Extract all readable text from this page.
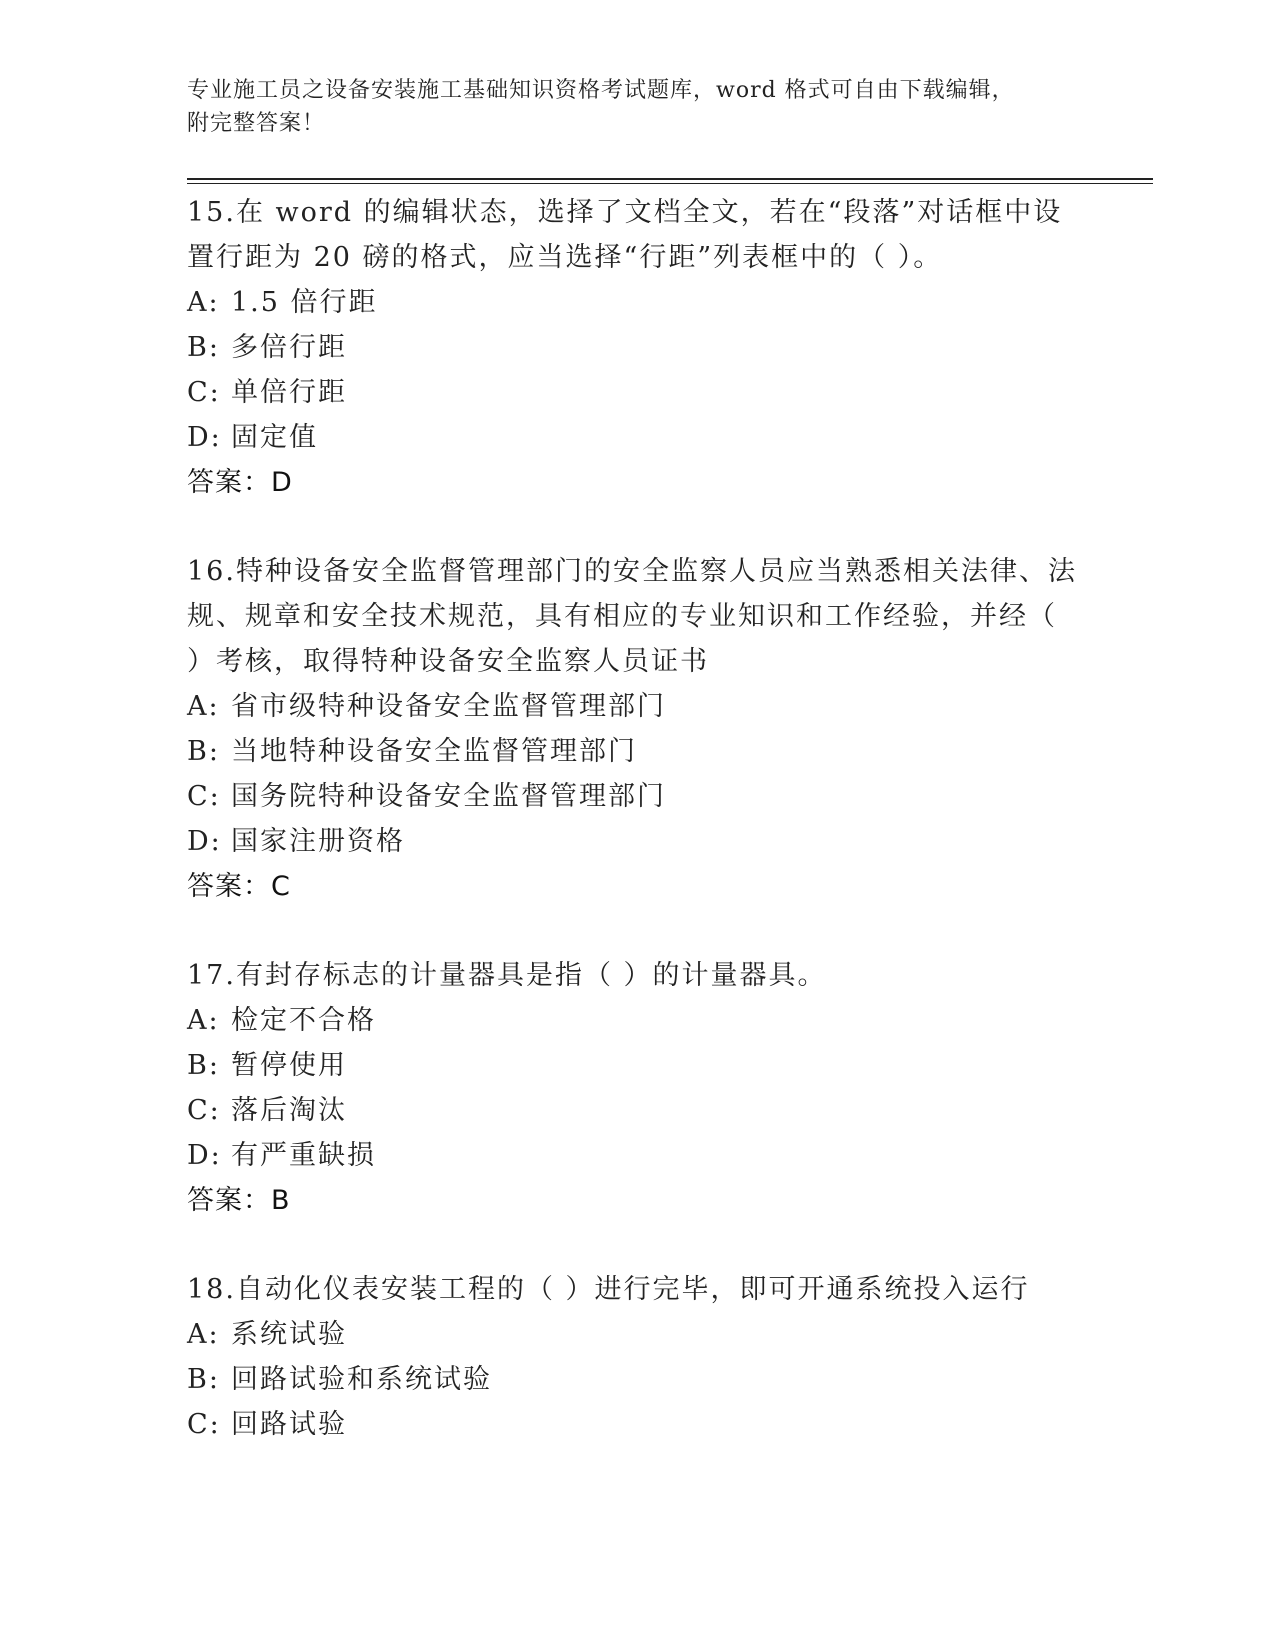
专业施工员之设备安装施工基础知识资格考试题库，word 格式可自由下载编辑，
附完整答案！
15.在 word 的编辑状态，选择了文档全文，若在“段落”对话框中设
置行距为 20 磅的格式，应当选择“行距”列表框中的（ ）。
A: 1.5 倍行距
B: 多倍行距
C: 单倍行距
D: 固定值
答案：D
16.特种设备安全监督管理部门的安全监察人员应当熟悉相关法律、法
规、规章和安全技术规范，具有相应的专业知识和工作经验，并经（
）考核，取得特种设备安全监察人员证书
A: 省市级特种设备安全监督管理部门
B: 当地特种设备安全监督管理部门
C: 国务院特种设备安全监督管理部门
D: 国家注册资格
答案：C
17.有封存标志的计量器具是指（ ）的计量器具。
A: 检定不合格
B: 暂停使用
C: 落后淘汰
D: 有严重缺损
答案：B
18.自动化仪表安装工程的（ ）进行完毕，即可开通系统投入运行
A: 系统试验
B: 回路试验和系统试验
C: 回路试验
